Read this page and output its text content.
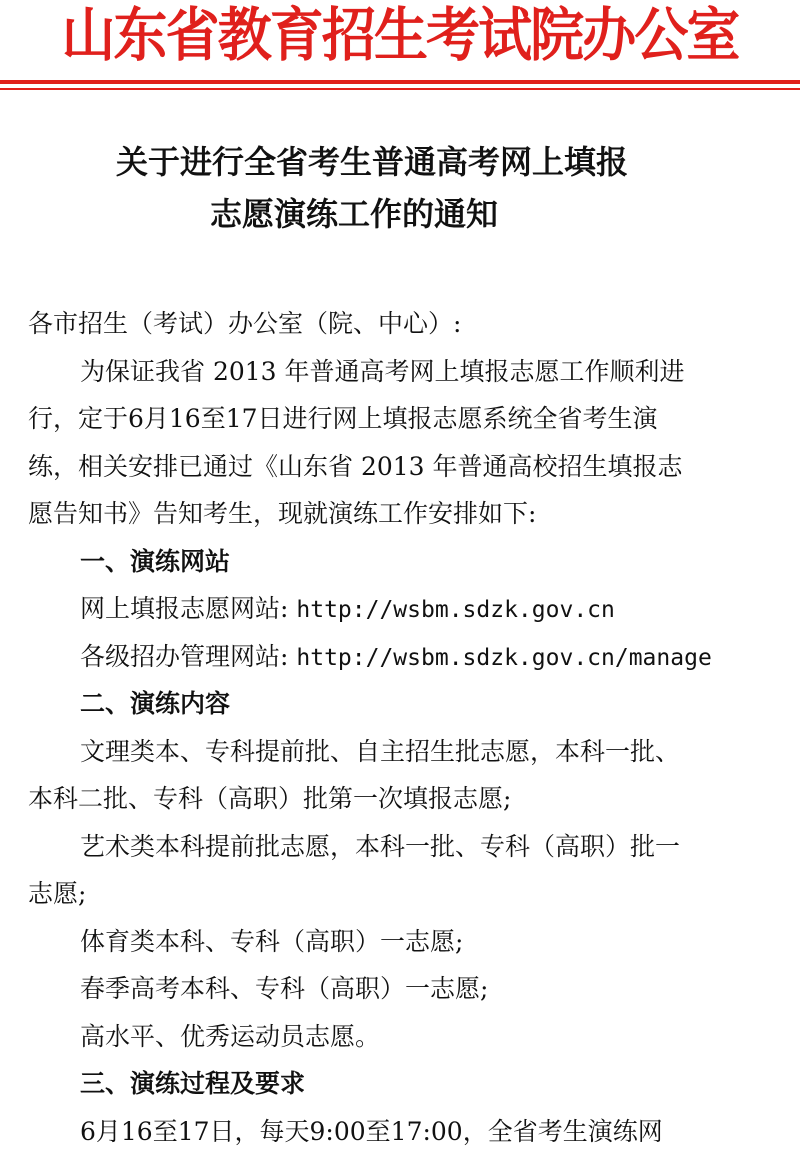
山东省教育招生考试院办公室
关于进行全省考生普通高考网上填报
志愿演练工作的通知
各市招生（考试）办公室（院、中心）:
为保证我省 2013 年普通高考网上填报志愿工作顺利进
行，定于6月16至17日进行网上填报志愿系统全省考生演
练，相关安排已通过《山东省 2013 年普通高校招生填报志
愿告知书》告知考生，现就演练工作安排如下:
一、演练网站
网上填报志愿网站: http://wsbm.sdzk.gov.cn
各级招办管理网站: http://wsbm.sdzk.gov.cn/manage
二、演练内容
文理类本、专科提前批、自主招生批志愿，本科一批、
本科二批、专科（高职）批第一次填报志愿;
艺术类本科提前批志愿，本科一批、专科（高职）批一
志愿;
体育类本科、专科（高职）一志愿;
春季高考本科、专科（高职）一志愿;
高水平、优秀运动员志愿。
三、演练过程及要求
6月16至17日，每天9:00至17:00，全省考生演练网
